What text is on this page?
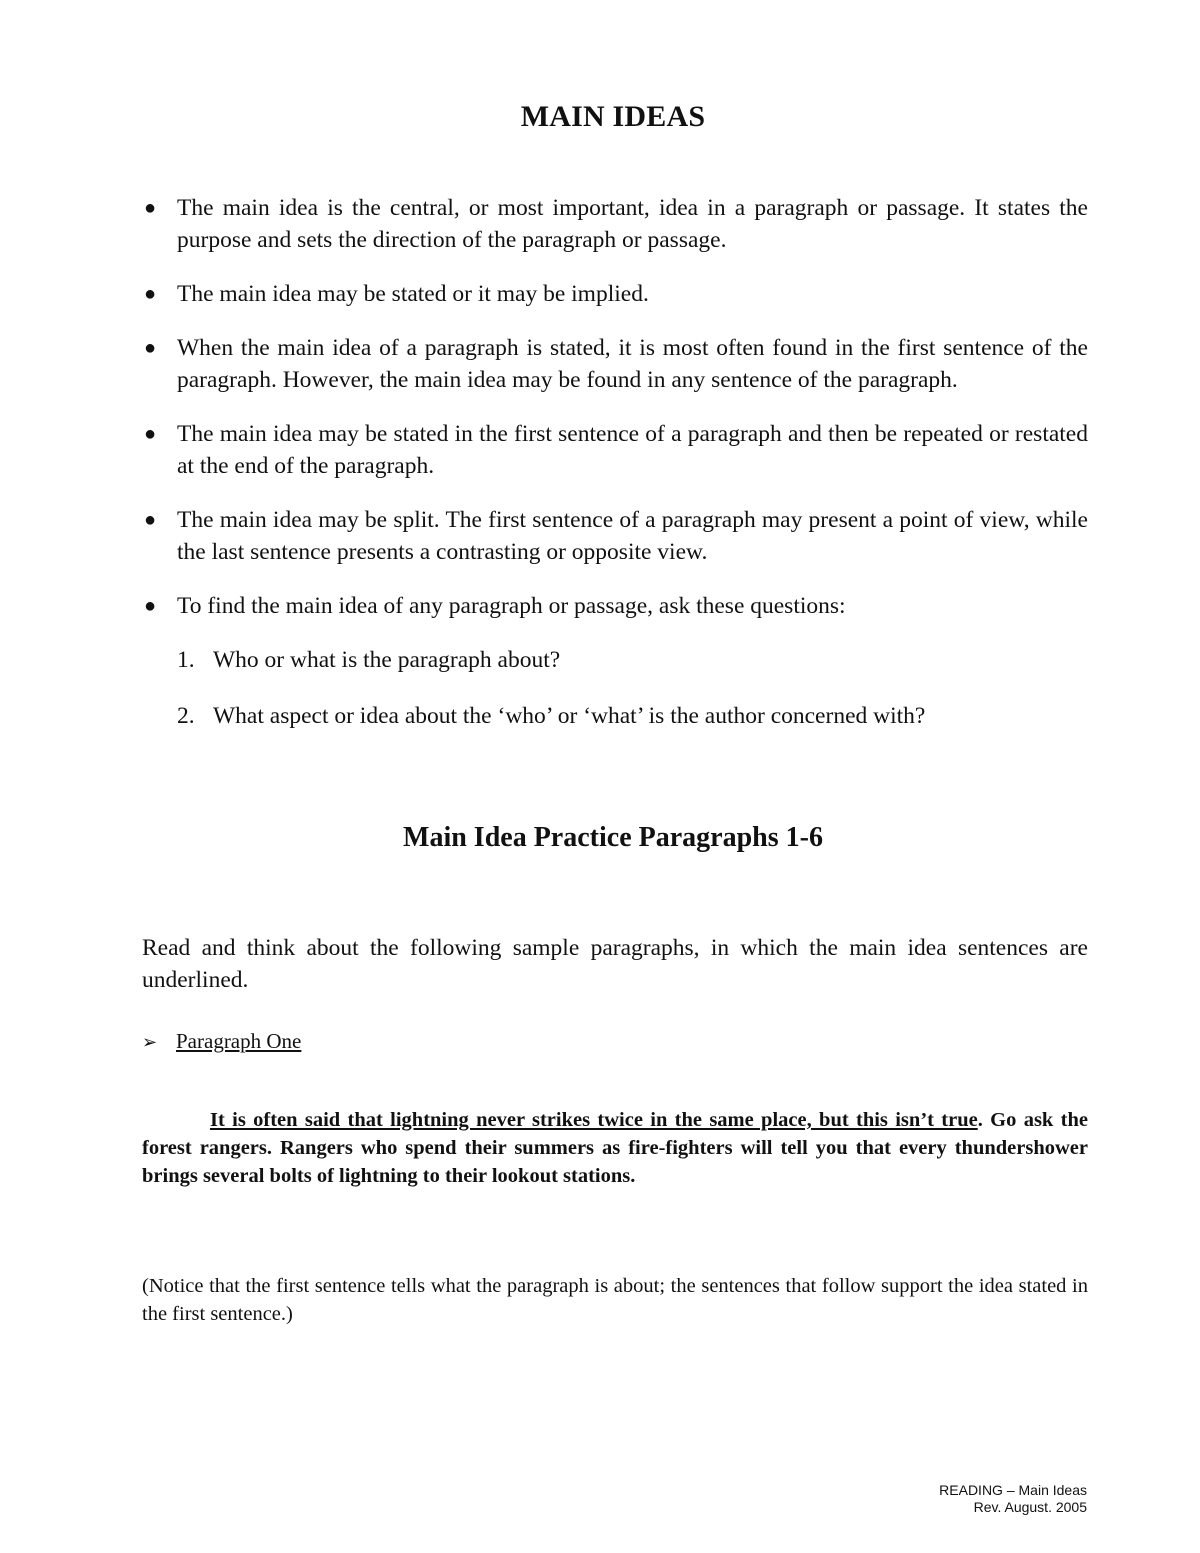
MAIN IDEAS
● The main idea is the central, or most important, idea in a paragraph or passage. It states the purpose and sets the direction of the paragraph or passage.
● The main idea may be stated or it may be implied.
● When the main idea of a paragraph is stated, it is most often found in the first sentence of the paragraph. However, the main idea may be found in any sentence of the paragraph.
● The main idea may be stated in the first sentence of a paragraph and then be repeated or restated at the end of the paragraph.
● The main idea may be split. The first sentence of a paragraph may present a point of view, while the last sentence presents a contrasting or opposite view.
● To find the main idea of any paragraph or passage, ask these questions:
1. Who or what is the paragraph about?
2. What aspect or idea about the ‘who’ or ‘what’ is the author concerned with?
Main Idea Practice Paragraphs 1-6
Read and think about the following sample paragraphs, in which the main idea sentences are underlined.
➢ Paragraph One
It is often said that lightning never strikes twice in the same place, but this isn’t true. Go ask the forest rangers. Rangers who spend their summers as fire-fighters will tell you that every thundershower brings several bolts of lightning to their lookout stations.
(Notice that the first sentence tells what the paragraph is about; the sentences that follow support the idea stated in the first sentence.)
READING – Main Ideas
Rev. August. 2005
